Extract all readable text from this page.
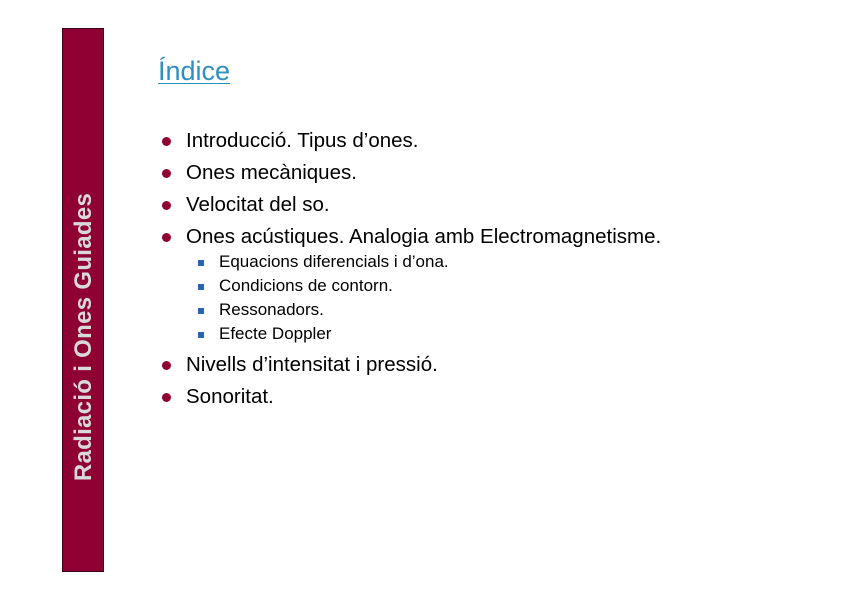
Radiació i Ones Guiades
Índice
Introducció. Tipus d’ones.
Ones mecàniques.
Velocitat del so.
Ones acústiques. Analogia amb Electromagnetisme.
Equacions diferencials i d’ona.
Condicions de contorn.
Ressonadors.
Efecte Doppler
Nivells d’intensitat i pressió.
Sonoritat.
